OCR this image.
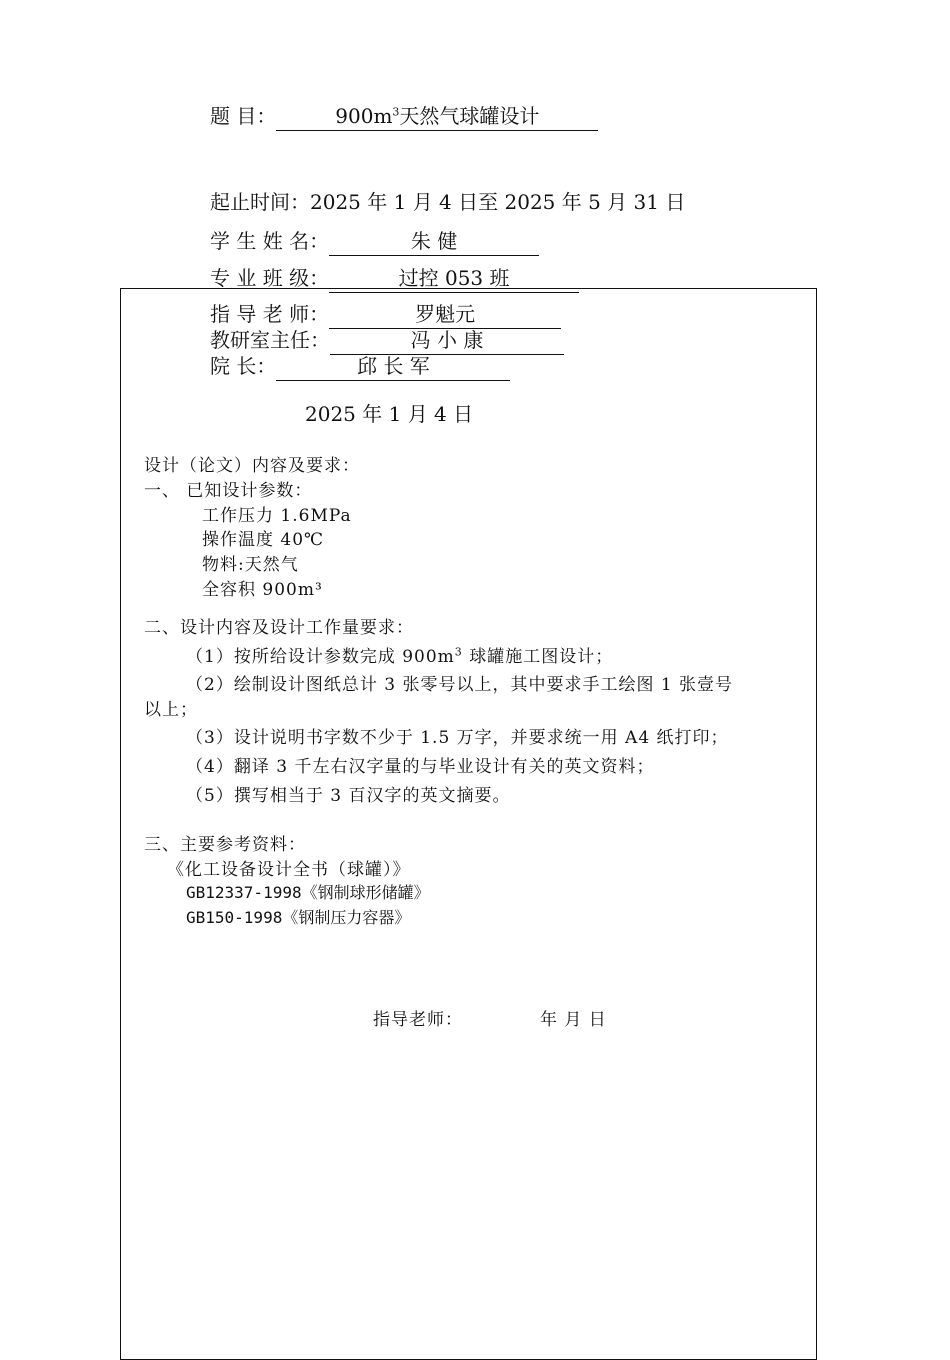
题 目：	$900m^3$天然气球罐设计
起止时间：2025 年 1 月 4 日至 2025 年 5 月 31 日
学 生 姓 名：	朱 健
专 业 班 级：	过控 053 班
指 导 老 师：	罗魁元
教研室主任：	冯 小 康
院 长：	邱 长 军
2025 年 1 月 4 日
设计（论文）内容及要求：
一、 已知设计参数：
工作压力 1.6MPa
操作温度 40℃
物料:天然气
全容积 900m³
二、设计内容及设计工作量要求：
（1）按所给设计参数完成 $900m^3$ 球罐施工图设计；
（2）绘制设计图纸总计 3 张零号以上，其中要求手工绘图 1 张壹号
以上；
（3）设计说明书字数不少于 1.5 万字，并要求统一用 A4 纸打印；
（4）翻译 3 千左右汉字量的与毕业设计有关的英文资料；
（5）撰写相当于 3 百汉字的英文摘要。
三、主要参考资料：
《化工设备设计全书（球罐）》
GB12337-1998《钢制球形储罐》
GB150-1998《钢制压力容器》
指导老师：	年 月 日
